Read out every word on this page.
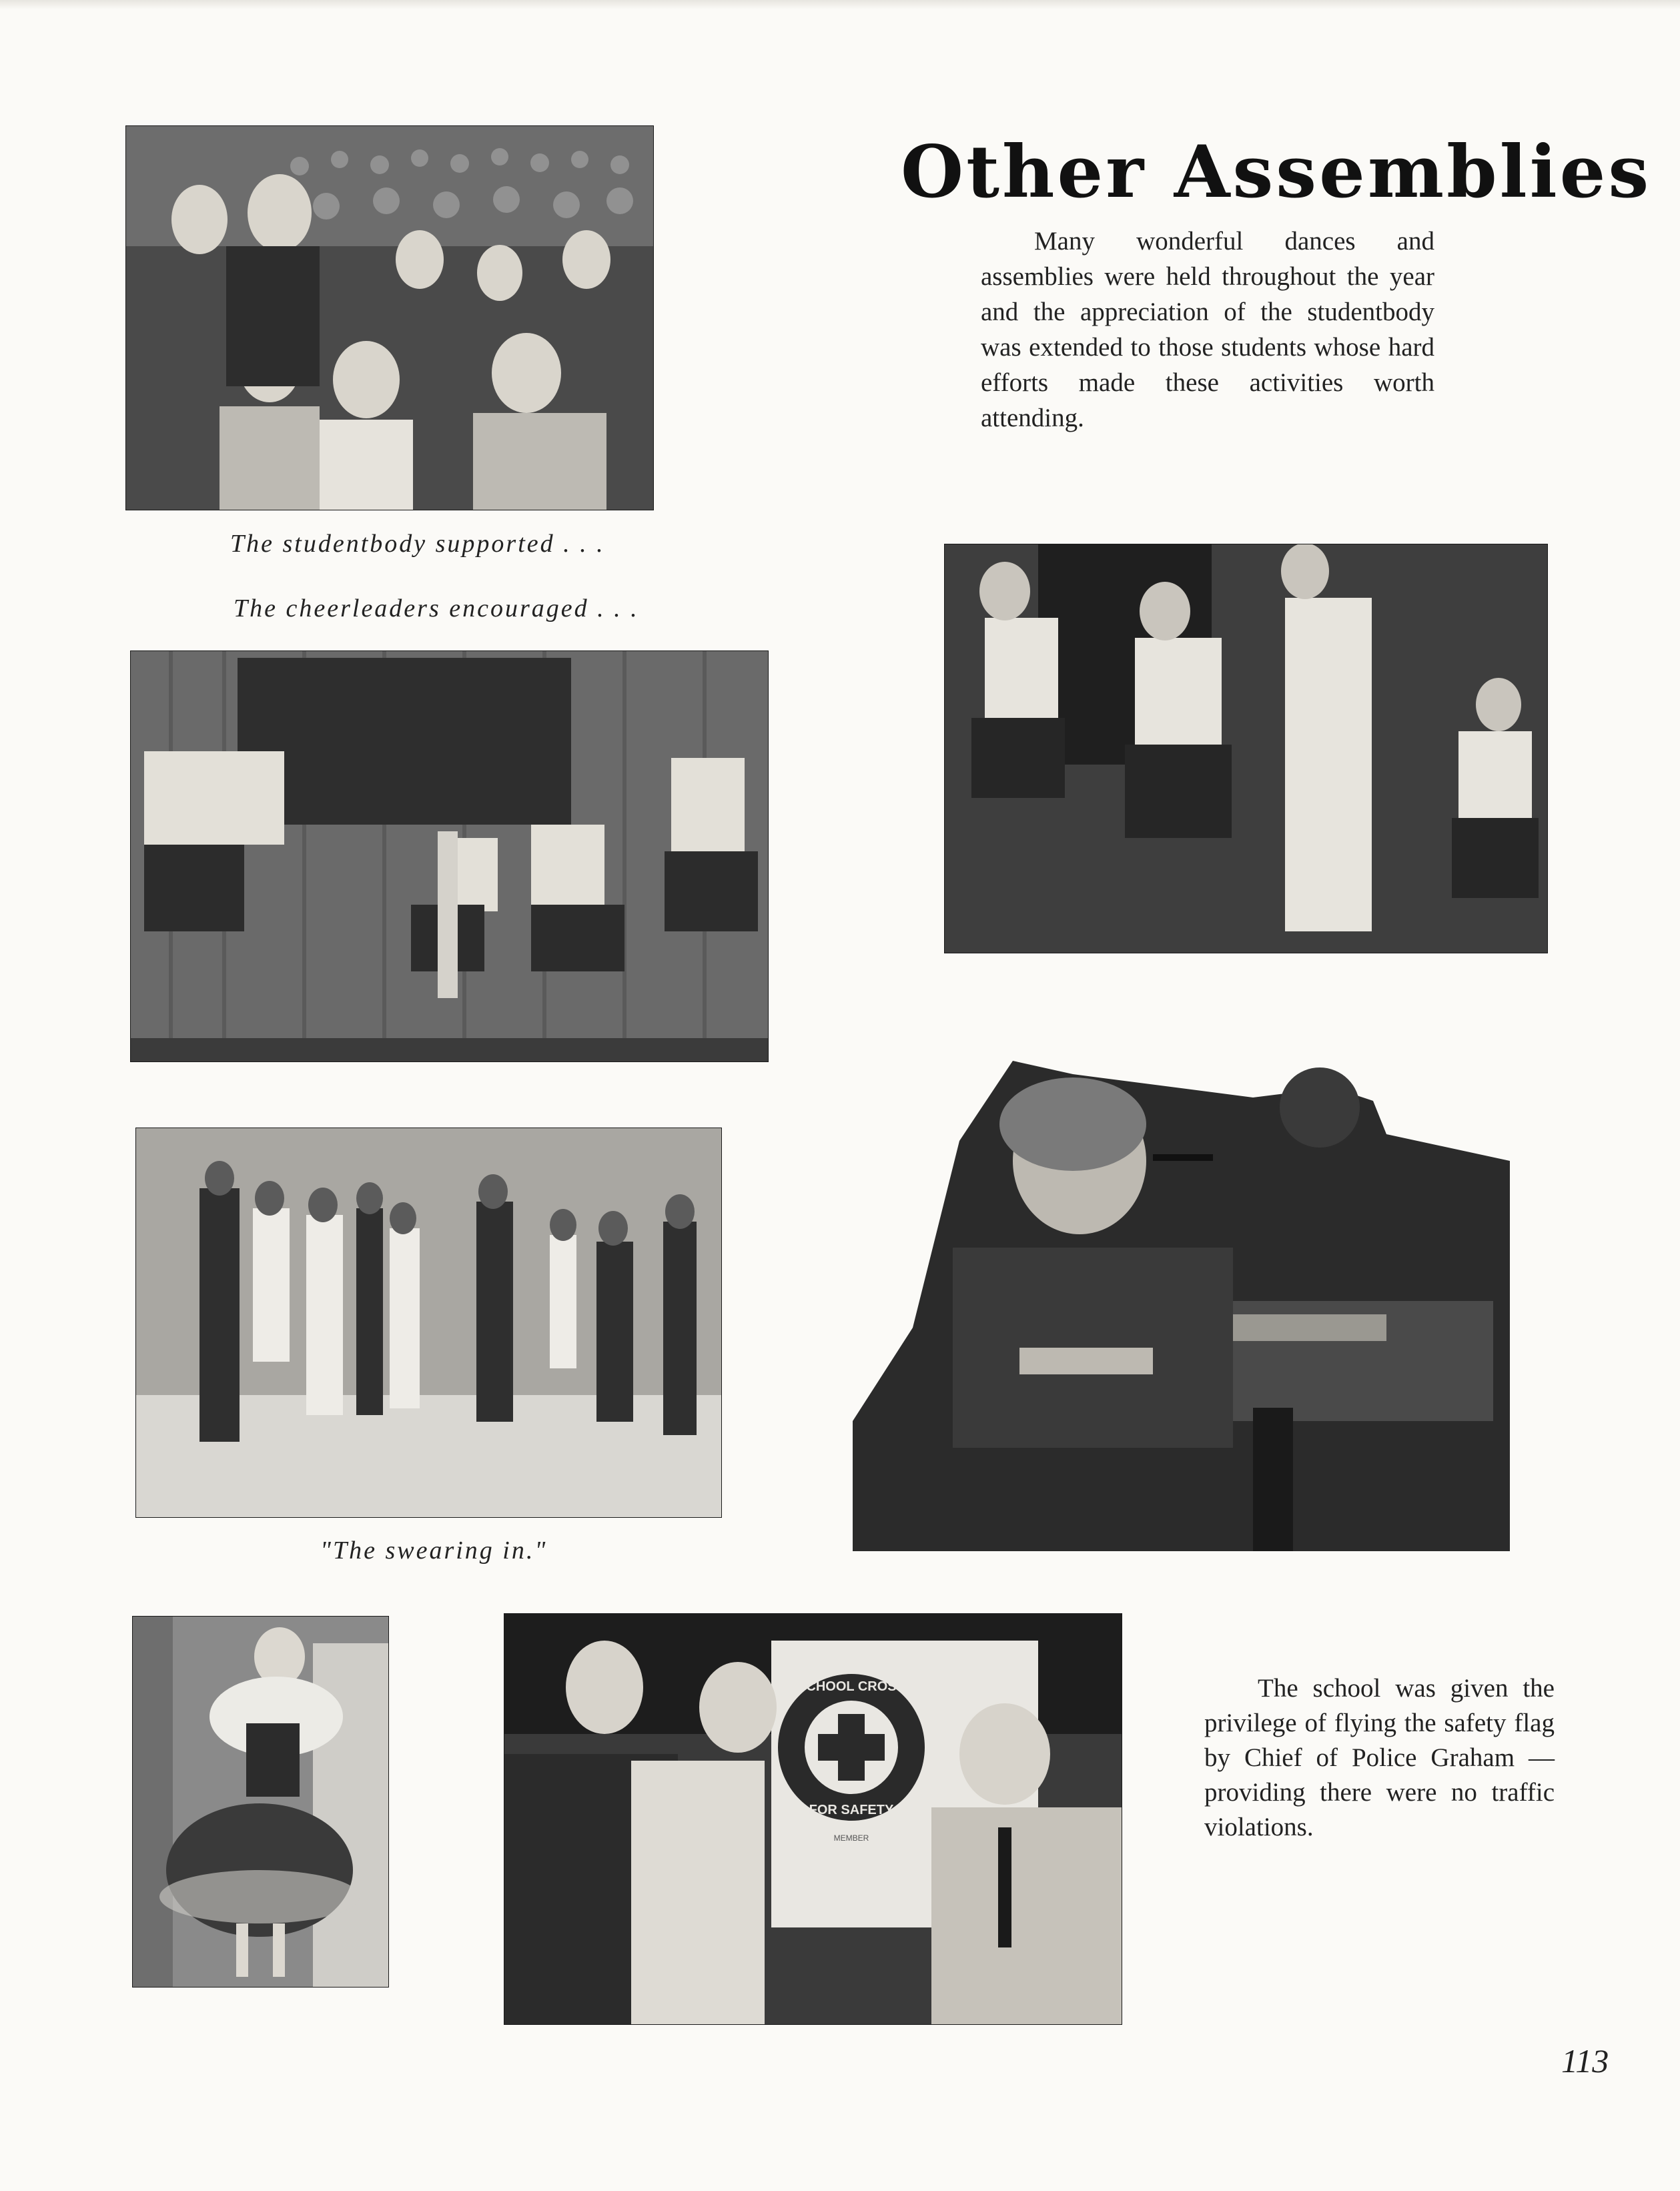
The studentbody supported . . .
The cheerleaders encouraged . . .
Other Assemblies

Many wonderful dances and assemblies were held throughout the year and the appreciation of the studentbody was extended to those students whose hard efforts made these activities worth attending.

"The swearing in."
SCHOOL CROSS
FOR SAFETY
MEMBER

The school was given the privilege of flying the safety flag by Chief of Police Graham — providing there were no traffic violations.

113
